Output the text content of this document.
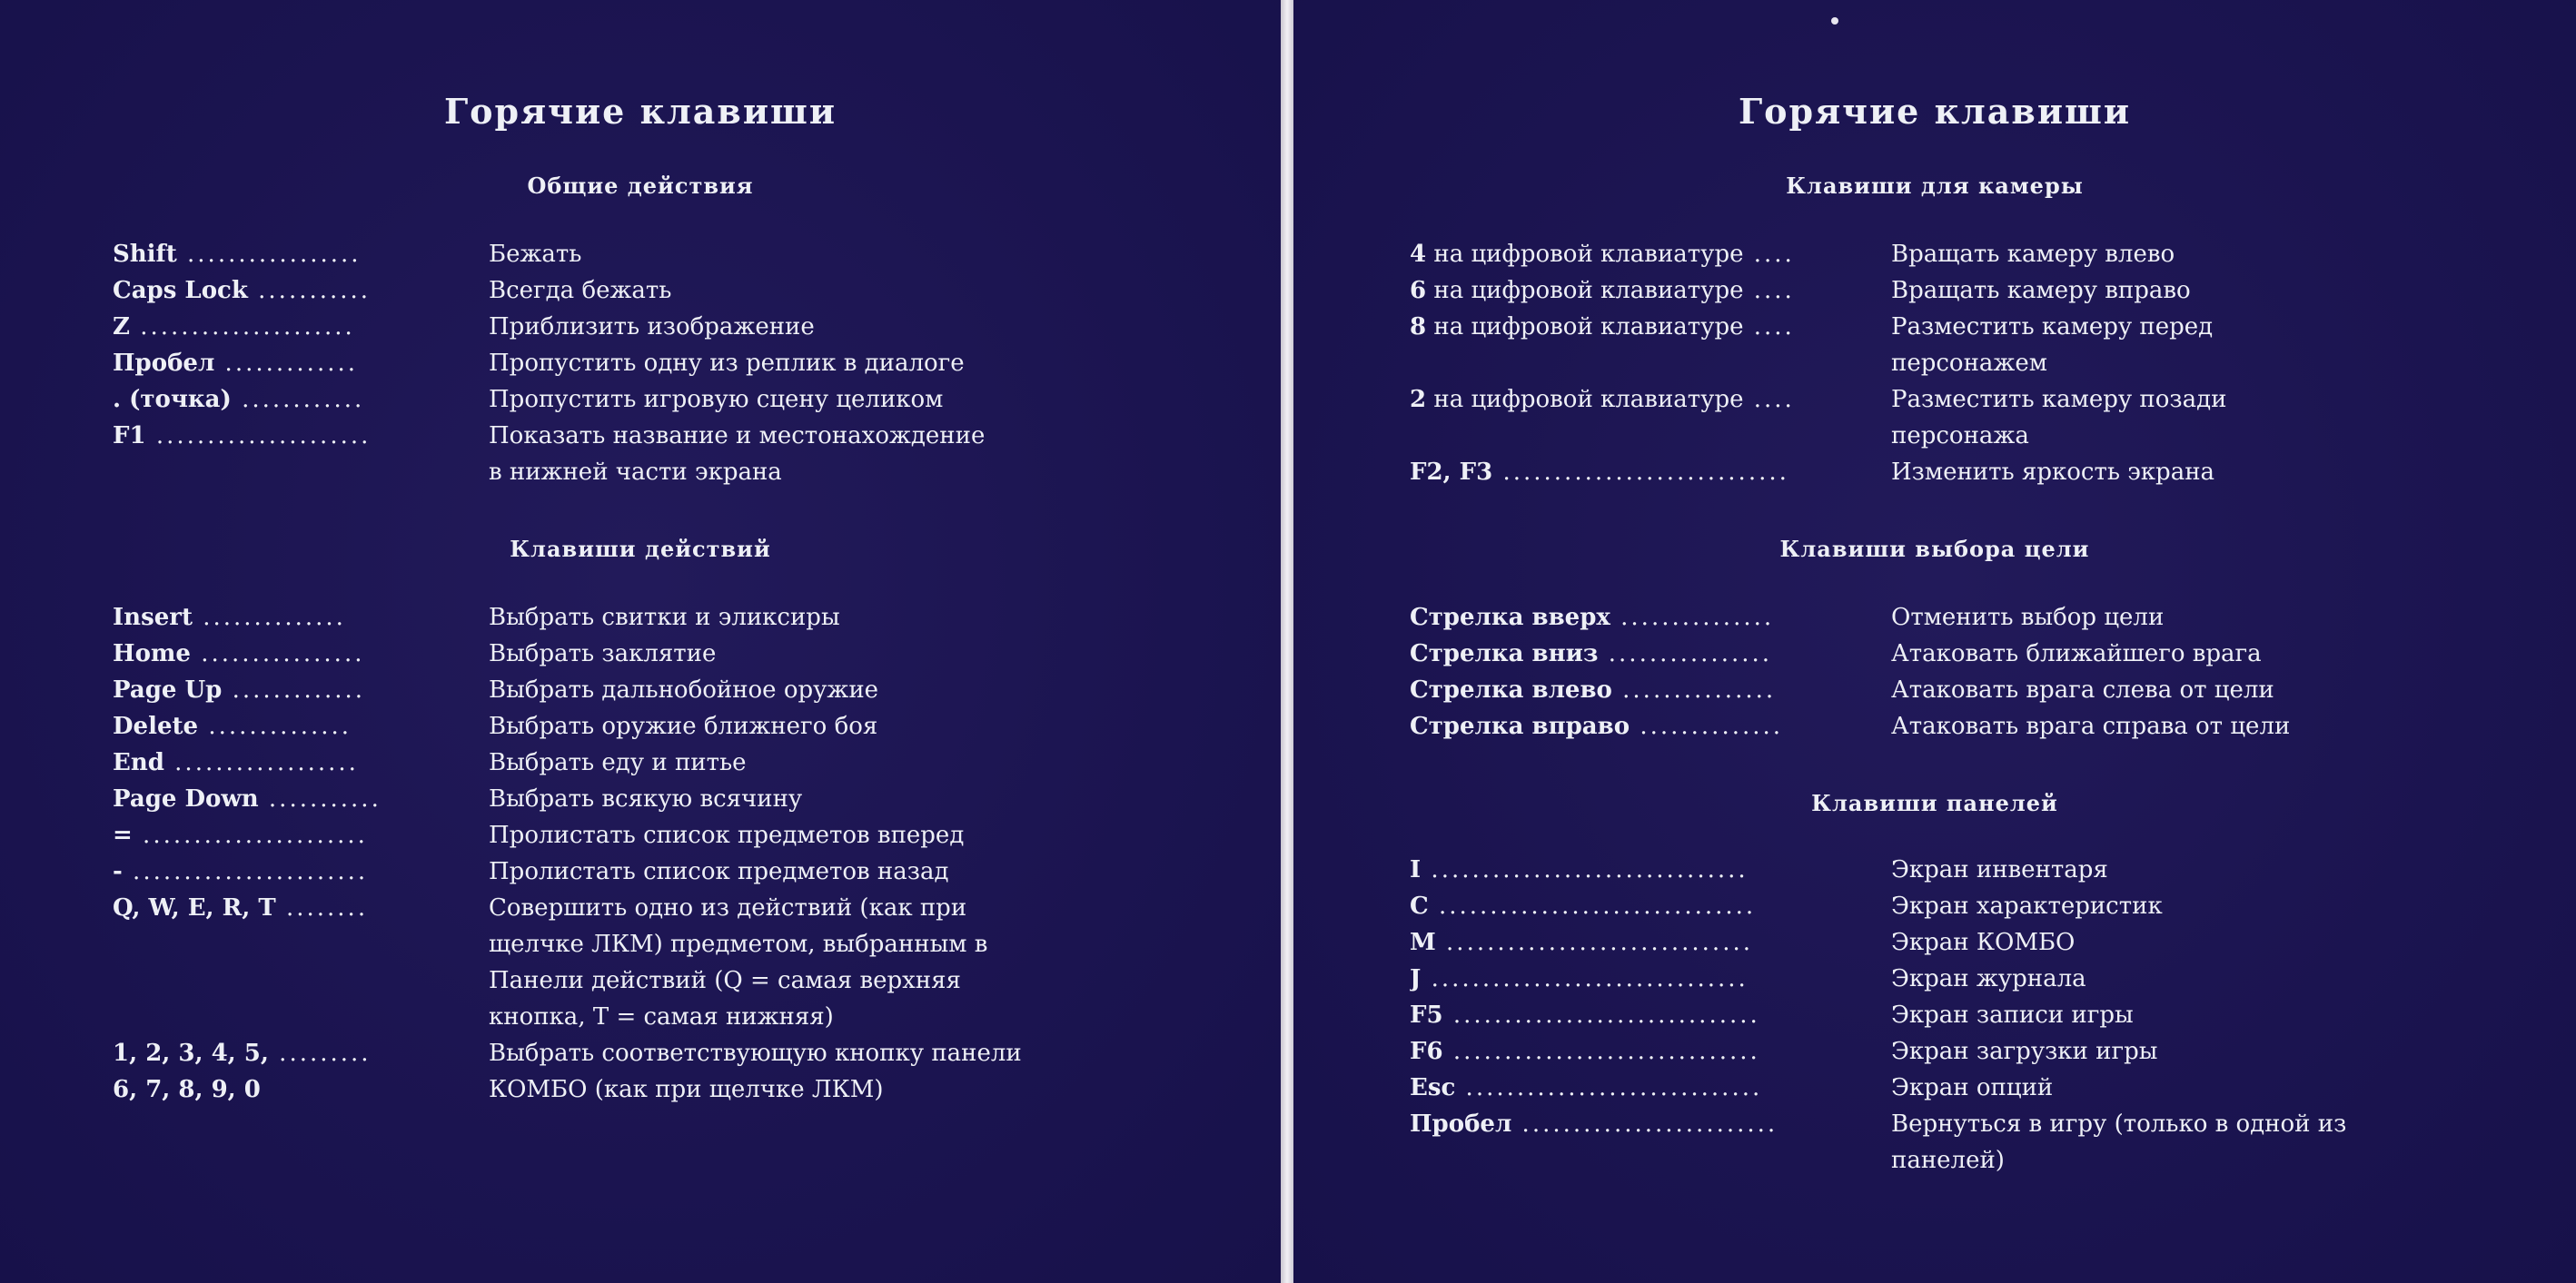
Горячие клавиши
Общие действия
Shift .................	Бежать
Caps Lock ...........	Всегда бежать
Z .....................	Приблизить изображение
Пробел .............	Пропустить одну из реплик в диалоге
. (точка) ............	Пропустить игровую сцену целиком
F1 .....................	Показать название и местонахождение
в нижней части экрана
Клавиши действий
Insert ..............	Выбрать свитки и эликсиры
Home ................	Выбрать заклятие
Page Up .............	Выбрать дальнобойное оружие
Delete ..............	Выбрать оружие ближнего боя
End ..................	Выбрать еду и питье
Page Down ...........	Выбрать всякую всячину
= ......................	Пролистать список предметов вперед
- .......................	Пролистать список предметов назад
Q, W, E, R, T ........	Совершить одно из действий (как при
щелчке ЛКМ) предметом, выбранным в
Панели действий (Q = самая верхняя
кнопка, T = самая нижняя)
1, 2, 3, 4, 5, .........	Выбрать соответствующую кнопку панели
6, 7, 8, 9, 0	КОМБО (как при щелчке ЛКМ)
Горячие клавиши
Клавиши для камеры
4 на цифровой клавиатуре ....	Вращать камеру влево
6 на цифровой клавиатуре ....	Вращать камеру вправо
8 на цифровой клавиатуре ....	Разместить камеру перед
персонажем
2 на цифровой клавиатуре ....	Разместить камеру позади
персонажа
F2, F3 ............................	Изменить яркость экрана
Клавиши выбора цели
Стрелка вверх ...............	Отменить выбор цели
Стрелка вниз ................	Атаковать ближайшего врага
Стрелка влево ...............	Атаковать врага слева от цели
Стрелка вправо ..............	Атаковать врага справа от цели
Клавиши панелей
I ...............................	Экран инвентаря
C ...............................	Экран характеристик
M ..............................	Экран КОМБО
J ...............................	Экран журнала
F5 ..............................	Экран записи игры
F6 ..............................	Экран загрузки игры
Esc .............................	Экран опций
Пробел .........................	Вернуться в игру (только в одной из
панелей)
